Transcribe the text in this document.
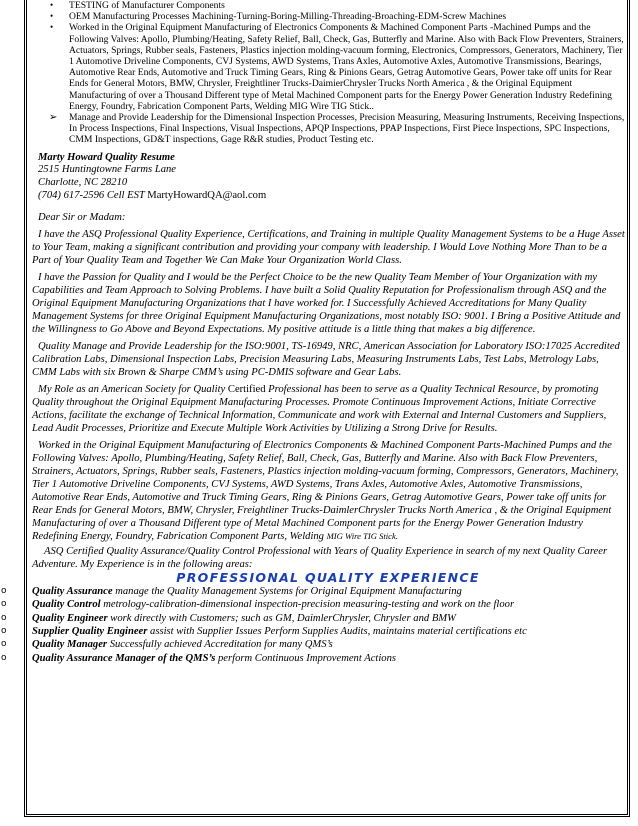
• TESTING of Manufacturer Components
• OEM Manufacturing Processes Machining-Turning-Boring-Milling-Threading-Broaching-EDM-Screw Machines
• Worked in the Original Equipment Manufacturing of Electronics Components & Machined Component Parts -Machined Pumps and the Following Valves: Apollo, Plumbing/Heating, Safety Relief, Ball, Check, Gas, Butterfly and Marine. Also with Back Flow Preventers, Strainers, Actuators, Springs, Rubber seals, Fasteners, Plastics injection molding-vacuum forming, Electronics, Compressors, Generators, Machinery, Tier 1 Automotive Driveline Components, CVJ Systems, AWD Systems, Trans Axles, Automotive Axles, Automotive Transmissions, Bearings, Automotive Rear Ends, Automotive and Truck Timing Gears, Ring & Pinions Gears, Getrag Automotive Gears, Power take off units for Rear Ends for General Motors, BMW, Chrysler, Freightliner Trucks-DaimierChrysler Trucks North America , & the Original Equipment Manufacturing of over a Thousand Different type of Metal Machined Component parts for the Energy Power Generation Industry Redefining Energy, Foundry, Fabrication Component Parts, Welding MIG Wire TIG Stick..
➢ Manage and Provide Leadership for the Dimensional Inspection Processes, Precision Measuring, Measuring Instruments, Receiving Inspections, In Process Inspections, Final Inspections, Visual Inspections, APQP Inspections, PPAP Inspections, First Piece Inspections, SPC Inspections, CMM Inspections, GD&T inspections, Gage R&R studies, Product Testing etc.
Marty Howard Quality Resume
2515 Huntingtowne Farms Lane
Charlotte, NC 28210
(704) 617-2596 Cell EST MartyHowardQA@aol.com
Dear Sir or Madam:

I have the ASQ Professional Quality Experience, Certifications, and Training in multiple Quality Management Systems to be a Huge Asset to Your Team, making a significant contribution and providing your company with leadership. I Would Love Nothing More Than to be a Part of Your Quality Team and Together We Can Make Your Organization World Class.

I have the Passion for Quality and I would be the Perfect Choice to be the new Quality Team Member of Your Organization with my Capabilities and Team Approach to Solving Problems. I have built a Solid Quality Reputation for Professionalism through ASQ and the Original Equipment Manufacturing Organizations that I have worked for. I Successfully Achieved Accreditations for Many Quality Management Systems for three Original Equipment Manufacturing Organizations, most notably ISO: 9001. I Bring a Positive Attitude and the Willingness to Go Above and Beyond Expectations. My positive attitude is a little thing that makes a big difference.

Quality Manage and Provide Leadership for the ISO:9001, TS-16949, NRC, American Association for Laboratory ISO:17025 Accredited Calibration Labs, Dimensional Inspection Labs, Precision Measuring Labs, Measuring Instruments Labs, Test Labs, Metrology Labs, CMM Labs with six Brown & Sharpe CMM’s using PC-DMIS software and Gear Labs.

My Role as an American Society for Quality Certified Professional has been to serve as a Quality Technical Resource, by promoting Quality throughout the Original Equipment Manufacturing Processes. Promote Continuous Improvement Actions, Initiate Corrective Actions, facilitate the exchange of Technical Information, Communicate and work with External and Internal Customers and Suppliers, Lead Audit Processes, Prioritize and Execute Multiple Work Activities by Utilizing a Strong Drive for Results.

Worked in the Original Equipment Manufacturing of Electronics Components & Machined Component Parts-Machined Pumps and the Following Valves: Apollo, Plumbing/Heating, Safety Relief, Ball, Check, Gas, Butterfly and Marine. Also with Back Flow Preventers, Strainers, Actuators, Springs, Rubber seals, Fasteners, Plastics injection molding-vacuum forming, Compressors, Generators, Machinery, Tier 1 Automotive Driveline Components, CVJ Systems, AWD Systems, Trans Axles, Automotive Axles, Automotive Transmissions, Automotive Rear Ends, Automotive and Truck Timing Gears, Ring & Pinions Gears, Getrag Automotive Gears, Power take off units for Rear Ends for General Motors, BMW, Chrysler, Freightliner Trucks-DaimlerChrysler Trucks North America , & the Original Equipment Manufacturing of over a Thousand Different type of Metal Machined Component parts for the Energy Power Generation Industry Redefining Energy, Foundry, Fabrication Component Parts, Welding MIG Wire TIG Stick.

ASQ Certified Quality Assurance/Quality Control Professional with Years of Quality Experience in search of my next Quality Career Adventure. My Experience is in the following areas:

PROFESSIONAL QUALITY EXPERIENCE
o Quality Assurance manage the Quality Management Systems for Original Equipment Manufacturing
o Quality Control metrology-calibration-dimensional inspection-precision measuring-testing and work on the floor
o Quality Engineer work directly with Customers; such as GM, DaimlerChrysler, Chrysler and BMW
o Supplier Quality Engineer assist with Supplier Issues Perform Supplies Audits, maintains material certifications etc
o Quality Manager Successfully achieved Accreditation for many QMS’s
o Quality Assurance Manager of the QMS’s perform Continuous Improvement Actions
